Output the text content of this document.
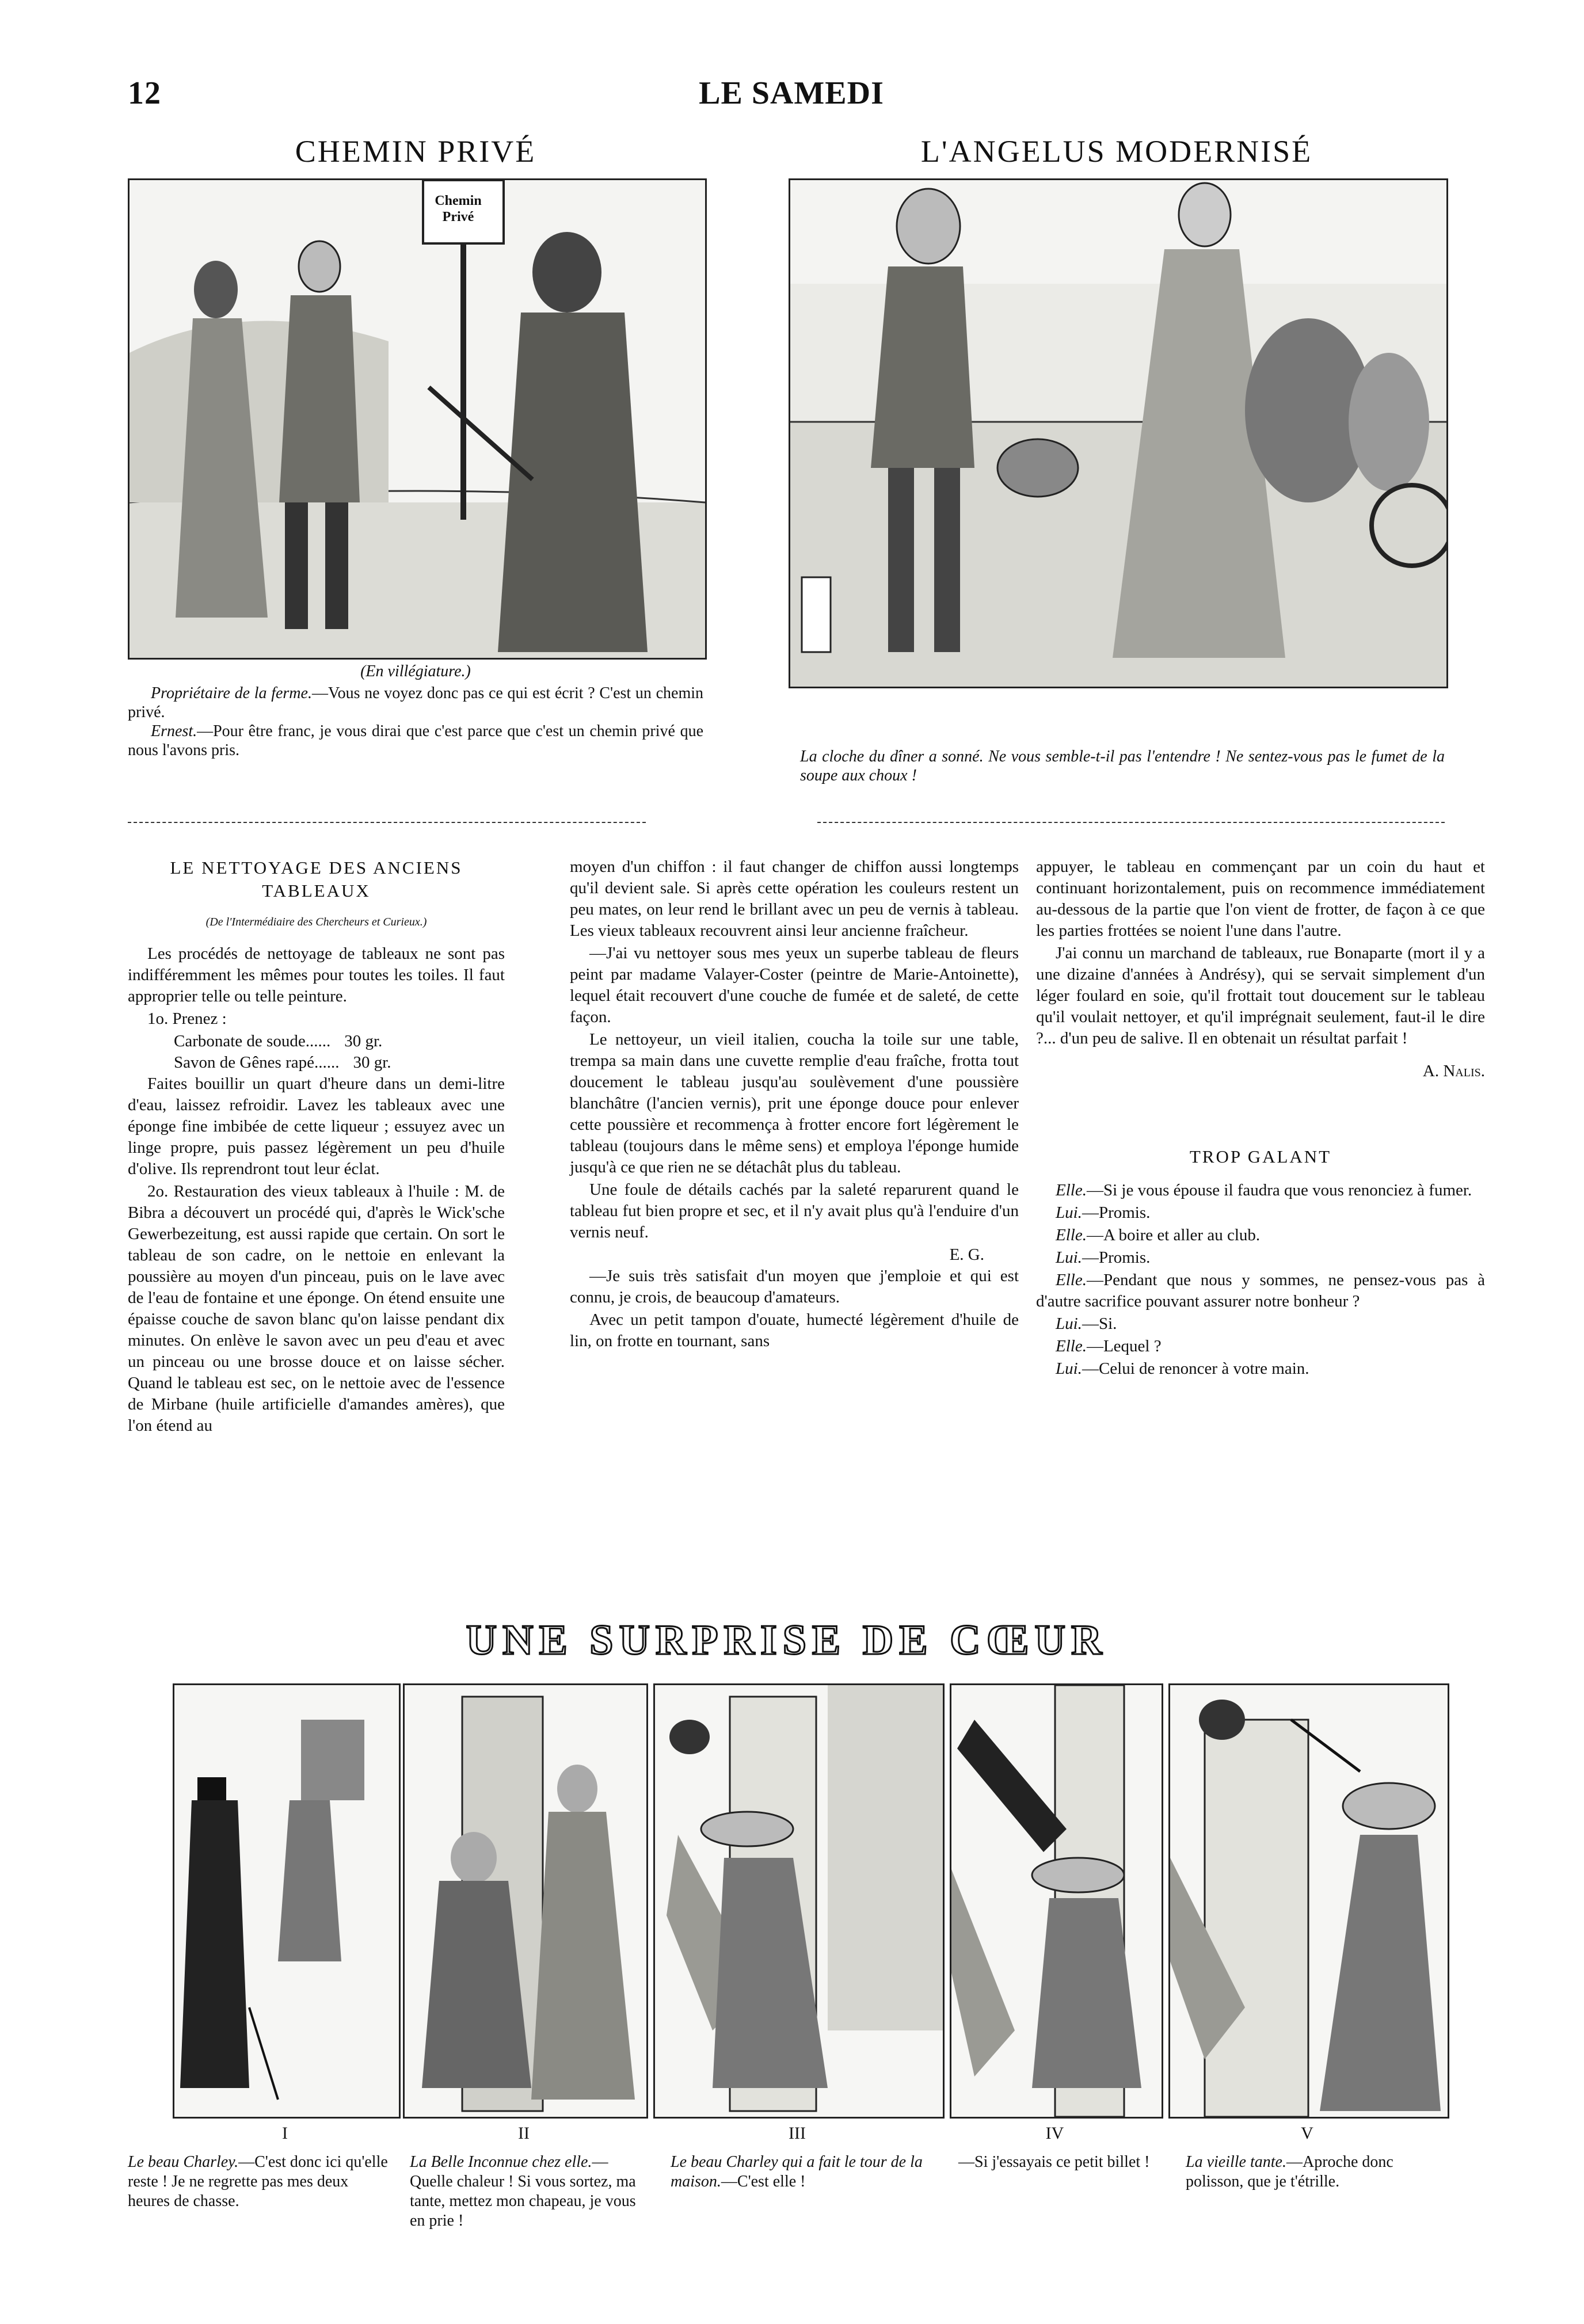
12	LE SAMEDI
CHEMIN PRIVÉ
Chemin Privé
(En villégiature.)
Propriétaire de la ferme.—Vous ne voyez donc pas ce qui est écrit ? C'est un chemin privé.
Ernest.—Pour être franc, je vous dirai que c'est parce que c'est un chemin privé que nous l'avons pris.
L'ANGELUS MODERNISÉ
La cloche du dîner a sonné. Ne vous semble-t-il pas l'entendre ! Ne sentez-vous pas le fumet de la soupe aux choux !
LE NETTOYAGE DES ANCIENS TABLEAUX
(De l'Intermédiaire des Chercheurs et Curieux.)

Les procédés de nettoyage de tableaux ne sont pas indifféremment les mêmes pour toutes les toiles. Il faut approprier telle ou telle peinture.

1o. Prenez :

Carbonate de soude...... 30 gr.
Savon de Gênes rapé...... 30 gr.

Faites bouillir un quart d'heure dans un demi-litre d'eau, laissez refroidir. Lavez les tableaux avec une éponge fine imbibée de cette liqueur ; essuyez avec un linge propre, puis passez légèrement un peu d'huile d'olive. Ils reprendront tout leur éclat.

2o. Restauration des vieux tableaux à l'huile : M. de Bibra a découvert un procédé qui, d'après le Wick'sche Gewerbezeitung, est aussi rapide que certain. On sort le tableau de son cadre, on le nettoie en enlevant la poussière au moyen d'un pinceau, puis on le lave avec de l'eau de fontaine et une éponge. On étend ensuite une épaisse couche de savon blanc qu'on laisse pendant dix minutes. On enlève le savon avec un peu d'eau et avec un pinceau ou une brosse douce et on laisse sécher. Quand le tableau est sec, on le nettoie avec de l'essence de Mirbane (huile artificielle d'amandes amères), que l'on étend au

moyen d'un chiffon : il faut changer de chiffon aussi longtemps qu'il devient sale. Si après cette opération les couleurs restent un peu mates, on leur rend le brillant avec un peu de vernis à tableau. Les vieux tableaux recouvrent ainsi leur ancienne fraîcheur.

—J'ai vu nettoyer sous mes yeux un superbe tableau de fleurs peint par madame Valayer-Coster (peintre de Marie-Antoinette), lequel était recouvert d'une couche de fumée et de saleté, de cette façon.

Le nettoyeur, un vieil italien, coucha la toile sur une table, trempa sa main dans une cuvette remplie d'eau fraîche, frotta tout doucement le tableau jusqu'au soulèvement d'une poussière blanchâtre (l'ancien vernis), prit une éponge douce pour enlever cette poussière et recommença à frotter encore fort légèrement le tableau (toujours dans le même sens) et employa l'éponge humide jusqu'à ce que rien ne se détachât plus du tableau.

Une foule de détails cachés par la saleté reparurent quand le tableau fut bien propre et sec, et il n'y avait plus qu'à l'enduire d'un vernis neuf.

E. G.

—Je suis très satisfait d'un moyen que j'emploie et qui est connu, je crois, de beaucoup d'amateurs.

Avec un petit tampon d'ouate, humecté légèrement d'huile de lin, on frotte en tournant, sans

appuyer, le tableau en commençant par un coin du haut et continuant horizontalement, puis on recommence immédiatement au-dessous de la partie que l'on vient de frotter, de façon à ce que les parties frottées se noient l'une dans l'autre.

J'ai connu un marchand de tableaux, rue Bonaparte (mort il y a une dizaine d'années à Andrésy), qui se servait simplement d'un léger foulard en soie, qu'il frottait tout doucement sur le tableau qu'il voulait nettoyer, et qu'il imprégnait seulement, faut-il le dire ?... d'un peu de salive. Il en obtenait un résultat parfait !

A. Nalis.
TROP GALANT

Elle.—Si je vous épouse il faudra que vous renonciez à fumer.

Lui.—Promis.

Elle.—A boire et aller au club.

Lui.—Promis.

Elle.—Pendant que nous y sommes, ne pensez-vous pas à d'autre sacrifice pouvant assurer notre bonheur ?

Lui.—Si.

Elle.—Lequel ?

Lui.—Celui de renoncer à votre main.

UNE SURPRISE DE CŒUR
I	II	III	IV	V
Le beau Charley.—C'est donc ici qu'elle reste ! Je ne regrette pas mes deux heures de chasse.
La Belle Inconnue chez elle.— Quelle chaleur ! Si vous sortez, ma tante, mettez mon chapeau, je vous en prie !
Le beau Charley qui a fait le tour de la maison.—C'est elle !
—Si j'essayais ce petit billet ! La vieille tante.—Aproche donc polisson, que je t'étrille.
